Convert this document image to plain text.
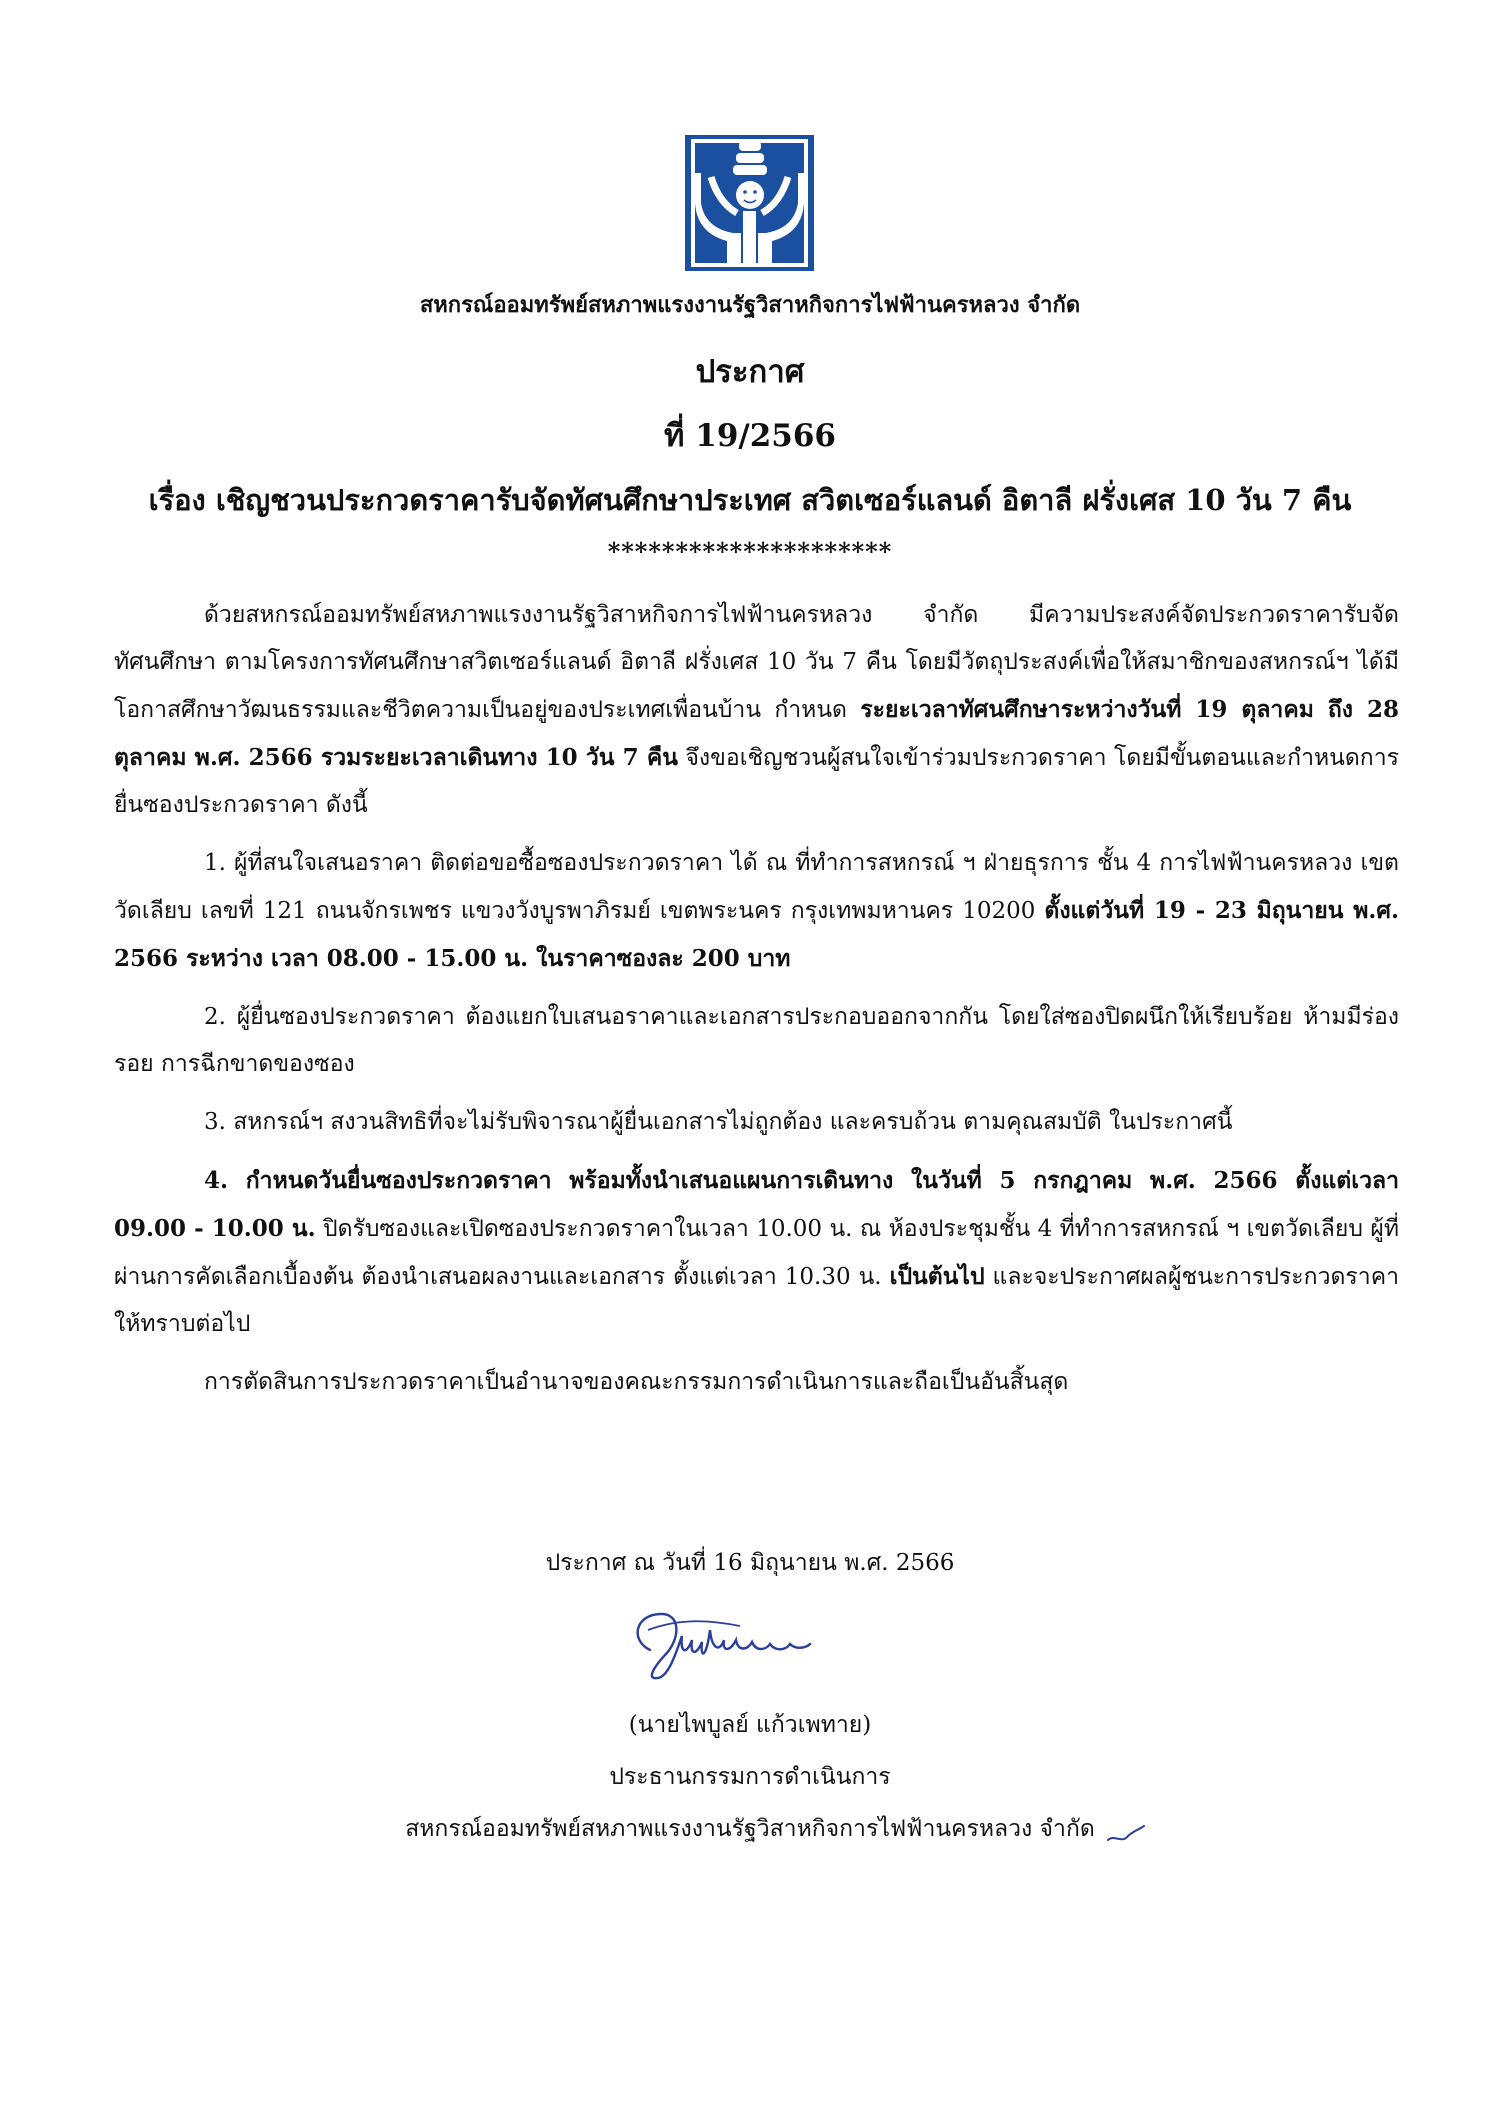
สหกรณ์ออมทรัพย์สหภาพแรงงานรัฐวิสาหกิจการไฟฟ้านครหลวง จำกัด
ประกาศ
ที่ 19/2566
เรื่อง เชิญชวนประกวดราคารับจัดทัศนศึกษาประเทศ สวิตเซอร์แลนด์ อิตาลี ฝรั่งเศส 10 วัน 7 คืน
*********************

ด้วยสหกรณ์ออมทรัพย์สหภาพแรงงานรัฐวิสาหกิจการไฟฟ้านครหลวง จำกัด มีความประสงค์จัดประกวดราคารับจัดทัศนศึกษา ตามโครงการทัศนศึกษาสวิตเซอร์แลนด์ อิตาลี ฝรั่งเศส 10 วัน 7 คืน โดยมีวัตถุประสงค์เพื่อให้สมาชิกของสหกรณ์ฯ ได้มีโอกาสศึกษาวัฒนธรรมและชีวิตความเป็นอยู่ของประเทศเพื่อนบ้าน กำหนด ระยะเวลาทัศนศึกษาระหว่างวันที่ 19 ตุลาคม ถึง 28 ตุลาคม พ.ศ. 2566 รวมระยะเวลาเดินทาง 10 วัน 7 คืน จึงขอเชิญชวนผู้สนใจเข้าร่วมประกวดราคา โดยมีขั้นตอนและกำหนดการยื่นซองประกวดราคา ดังนี้

1. ผู้ที่สนใจเสนอราคา ติดต่อขอซื้อซองประกวดราคา ได้ ณ ที่ทำการสหกรณ์ ฯ ฝ่ายธุรการ ชั้น 4 การไฟฟ้านครหลวง เขตวัดเลียบ เลขที่ 121 ถนนจักรเพชร แขวงวังบูรพาภิรมย์ เขตพระนคร กรุงเทพมหานคร 10200 ตั้งแต่วันที่ 19 - 23 มิถุนายน พ.ศ. 2566 ระหว่าง เวลา 08.00 - 15.00 น. ในราคาซองละ 200 บาท

2. ผู้ยื่นซองประกวดราคา ต้องแยกใบเสนอราคาและเอกสารประกอบออกจากกัน โดยใส่ซองปิดผนึกให้เรียบร้อย ห้ามมีร่องรอย การฉีกขาดของซอง

3. สหกรณ์ฯ สงวนสิทธิที่จะไม่รับพิจารณาผู้ยื่นเอกสารไม่ถูกต้อง และครบถ้วน ตามคุณสมบัติ ในประกาศนี้

4. กำหนดวันยื่นซองประกวดราคา พร้อมทั้งนำเสนอแผนการเดินทาง ในวันที่ 5 กรกฎาคม พ.ศ. 2566 ตั้งแต่เวลา 09.00 - 10.00 น. ปิดรับซองและเปิดซองประกวดราคาในเวลา 10.00 น. ณ ห้องประชุมชั้น 4 ที่ทำการสหกรณ์ ฯ เขตวัดเลียบ ผู้ที่ผ่านการคัดเลือกเบื้องต้น ต้องนำเสนอผลงานและเอกสาร ตั้งแต่เวลา 10.30 น. เป็นต้นไป และจะประกาศผลผู้ชนะการประกวดราคาให้ทราบต่อไป

การตัดสินการประกวดราคาเป็นอำนาจของคณะกรรมการดำเนินการและถือเป็นอันสิ้นสุด

ประกาศ ณ วันที่ 16 มิถุนายน พ.ศ. 2566
(นายไพบูลย์ แก้วเพทาย)
ประธานกรรมการดำเนินการ
สหกรณ์ออมทรัพย์สหภาพแรงงานรัฐวิสาหกิจการไฟฟ้านครหลวง จำกัด
